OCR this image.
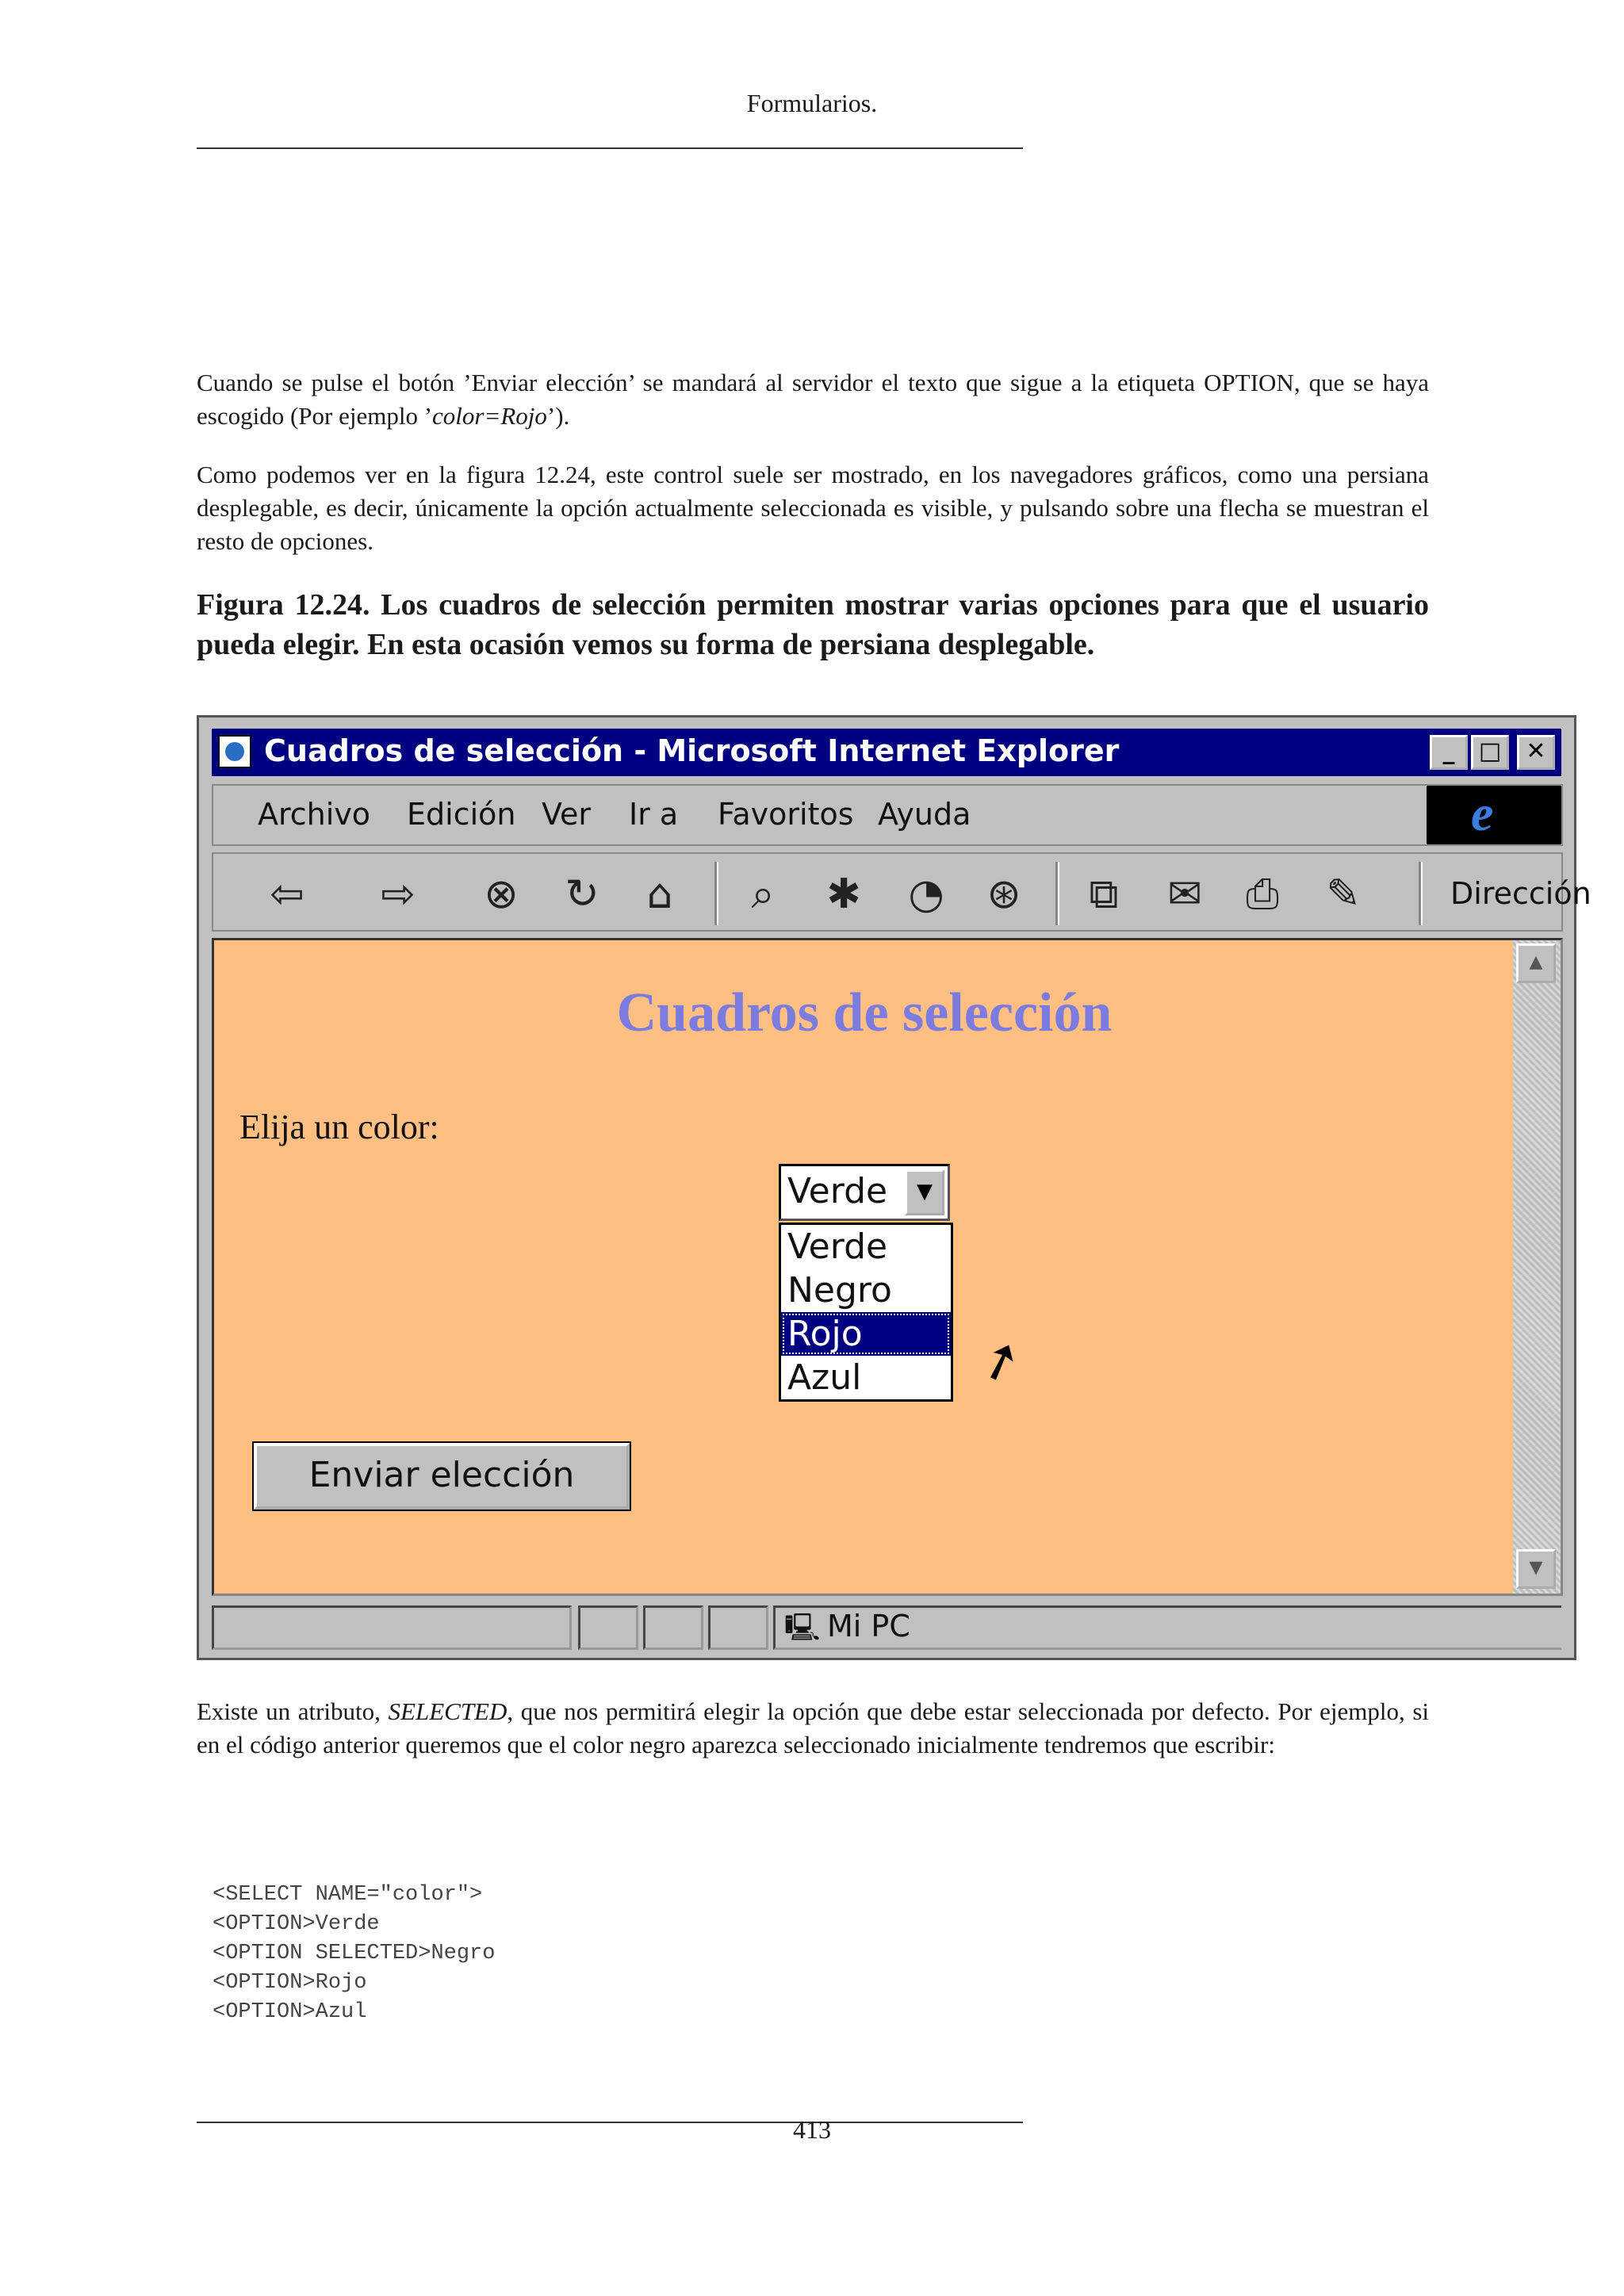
Formularios.
Cuando se pulse el botón ’Enviar elección’ se mandará al servidor el texto que sigue a la etiqueta OPTION, que se haya escogido (Por ejemplo ’color=Rojo’).
Como podemos ver en la figura 12.24, este control suele ser mostrado, en los navegadores gráficos, como una persiana desplegable, es decir, únicamente la opción actualmente seleccionada es visible, y pulsando sobre una flecha se muestran el resto de opciones.
Figura 12.24. Los cuadros de selección permiten mostrar varias opciones para que el usuario pueda elegir. En esta ocasión vemos su forma de persiana desplegable.
Cuadros de selección - Microsoft Internet Explorer	_	□	✕
Archivo Edición Ver Ir a Favoritos Ayuda	e
⇦ ⇨ ⊗ ↻	⌂	⌕	✱ ◔ ⊛ ⧉ ✉ ⎙ ✎	Dirección
Cuadros de selección
Elija un color:
Verde	▼
Verde
Negro
Rojo
Azul	➚
Enviar elección
▲
▼
🖳 Mi PC
Existe un atributo, SELECTED, que nos permitirá elegir la opción que debe estar seleccionada por defecto. Por ejemplo, si en el código anterior queremos que el color negro aparezca seleccionado inicialmente tendremos que escribir:
<SELECT NAME="color">
<OPTION>Verde
<OPTION SELECTED>Negro
<OPTION>Rojo
<OPTION>Azul
413
